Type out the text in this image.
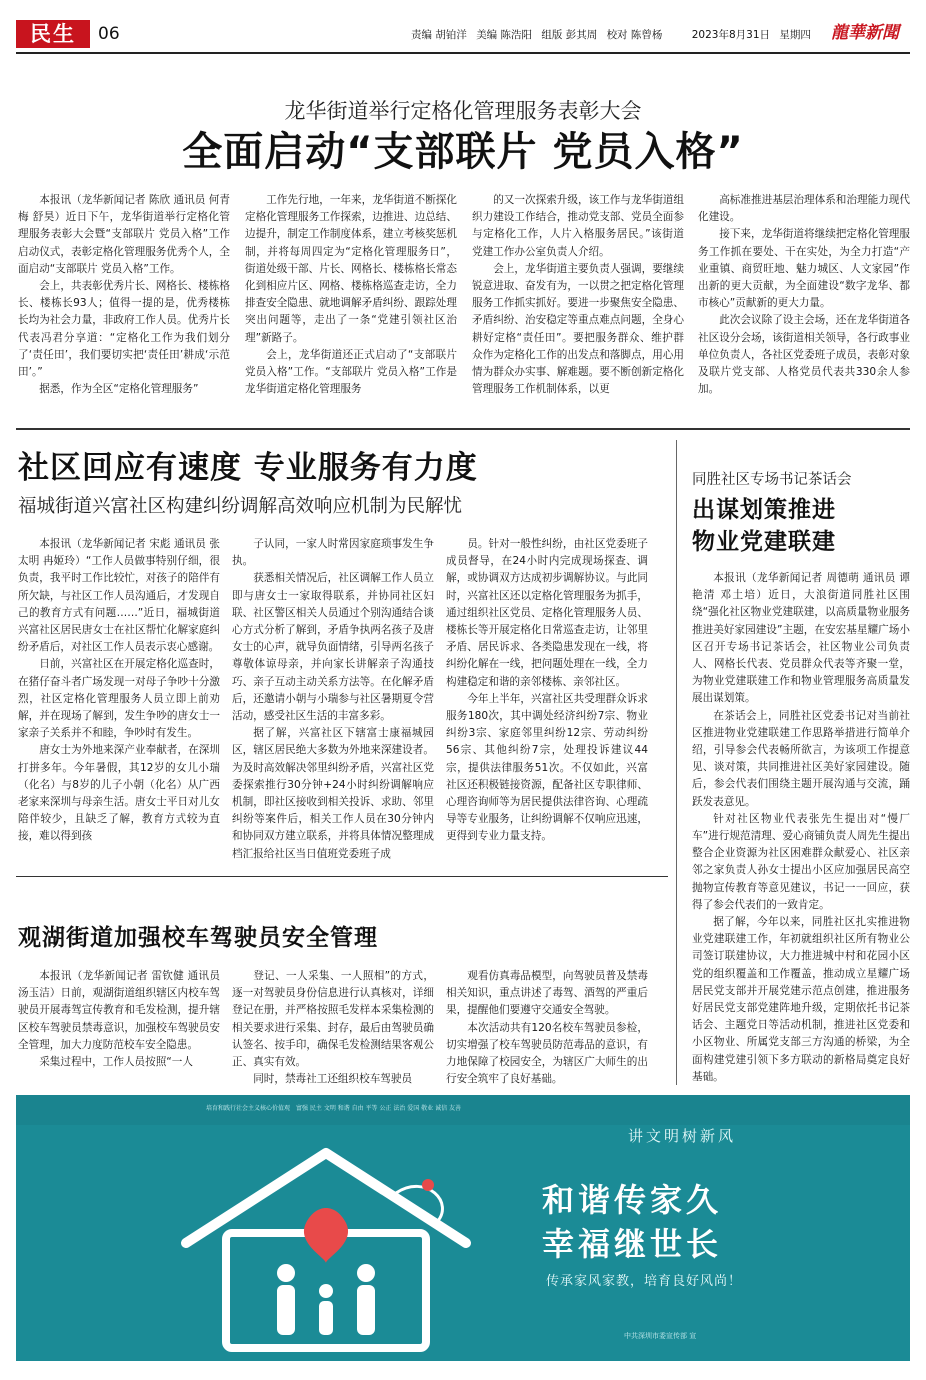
民生	06	责编 胡铂洋 美编 陈浩阳 组版 彭其周 校对 陈曾杨	2023年8月31日 星期四	龍華新聞
龙华街道举行定格化管理服务表彰大会
全面启动“支部联片 党员入格”

本报讯（龙华新闻记者 陈欣 通讯员 何青梅 舒昊）近日下午，龙华街道举行定格化管理服务表彰大会暨“支部联片 党员入格”工作启动仪式，表彰定格化管理服务优秀个人，全面启动“支部联片 党员入格”工作。

会上，共表彰优秀片长、网格长、楼栋格长、楼栋长93人；值得一提的是，优秀楼栋长均为社会力量，非政府工作人员。优秀片长代表冯君分享道：“定格化工作为我们划分了‘责任田’，我们要切实把‘责任田’耕成‘示范田’。”

据悉，作为全区“定格化管理服务”

工作先行地，一年来，龙华街道不断探化定格化管理服务工作探索，边推进、边总结、边提升，制定工作制度体系，建立考核奖惩机制，并将每周四定为“定格化管理服务日”，街道处级干部、片长、网格长、楼栋格长常态化到相应片区、网格、楼栋格巡查走访，全力排查安全隐患、就地调解矛盾纠纷、跟踪处理突出问题等，走出了一条“党建引领社区治理”新路子。

会上，龙华街道还正式启动了“支部联片 党员入格”工作。“支部联片 党员入格”工作是龙华街道定格化管理服务

的又一次探索升级，该工作与龙华街道组织力建设工作结合，推动党支部、党员全面参与定格化工作，人片入格服务居民。”该街道党建工作办公室负责人介绍。

会上，龙华街道主要负责人强调，要继续锐意进取、奋发有为，一以贯之把定格化管理服务工作抓实抓好。要进一步聚焦安全隐患、矛盾纠纷、治安稳定等重点难点问题，全身心耕好定格“责任田”。要把服务群众、维护群众作为定格化工作的出发点和落脚点，用心用情为群众办实事、解难题。要不断创新定格化管理服务工作机制体系，以更

高标准推进基层治理体系和治理能力现代化建设。

接下来，龙华街道将继续把定格化管理服务工作抓在要处、干在实处，为全力打造“产业重镇、商贸旺地、魅力城区、人文家园”作出新的更大贡献，为全面建设“数字龙华、都市核心”贡献新的更大力量。

此次会议除了设主会场，还在龙华街道各社区设分会场，该街道相关领导，各行政事业单位负责人，各社区党委班子成员，表彰对象及联片党支部、人格党员代表共330余人参加。

社区回应有速度 专业服务有力度
福城街道兴富社区构建纠纷调解高效响应机制为民解忧

本报讯（龙华新闻记者 宋彪 通讯员 张太明 冉姬玲）“工作人员做事特别仔细，很负责，我平时工作比较忙，对孩子的陪伴有所欠缺，与社区工作人员沟通后，才发现自己的教育方式有问题……”近日，福城街道兴富社区居民唐女士在社区帮忙化解家庭纠纷矛盾后，对社区工作人员表示衷心感谢。

日前，兴富社区在开展定格化巡查时，在猪仔奋斗者广场发现一对母子争吵十分激烈，社区定格化管理服务人员立即上前劝解，并在现场了解到，发生争吵的唐女士一家亲子关系并不和睦，争吵时有发生。

唐女士为外地来深产业奉献者，在深圳打拼多年。今年暑假，其12岁的女儿小瑞（化名）与8岁的儿子小朝（化名）从广西老家来深圳与母亲生活。唐女士平日对儿女陪伴较少，且缺乏了解，教育方式较为直接，难以得到孩

子认同，一家人时常因家庭琐事发生争执。

获悉相关情况后，社区调解工作人员立即与唐女士一家取得联系，并协同社区妇联、社区警区相关人员通过个别沟通结合谈心方式分析了解到，矛盾争执两名孩子及唐女士的心声，就导负面情绪，引导两名孩子尊敬体谅母亲，并向家长讲解亲子沟通技巧、亲子互动主动关系方法等。在化解矛盾后，还邀请小朝与小瑞参与社区暑期夏令营活动，感受社区生活的丰富多彩。

据了解，兴富社区下辖富士康福城园区，辖区居民绝大多数为外地来深建设者。为及时高效解决邻里纠纷矛盾，兴富社区党委探索推行30分钟+24小时纠纷调解响应机制，即社区接收到相关投诉、求助、邻里纠纷等案件后，相关工作人员在30分钟内和协同双方建立联系，并将具体情况整理成档汇报给社区当日值班党委班子成

员。针对一般性纠纷，由社区党委班子成员督导，在24小时内完成现场探查、调解，或协调双方达成初步调解协议。与此同时，兴富社区还以定格化管理服务为抓手，通过组织社区党员、定格化管理服务人员、楼栋长等开展定格化日常巡查走访，让邻里矛盾、居民诉求、各类隐患发现在一线，将纠纷化解在一线，把问题处理在一线，全力构建稳定和谐的亲邻楼栋、亲邻社区。

今年上半年，兴富社区共受理群众诉求服务180次，其中调处经济纠纷7宗、物业纠纷3宗、家庭邻里纠纷12宗、劳动纠纷56宗、其他纠纷7宗，处理投诉建议44宗，提供法律服务51次。不仅如此，兴富社区还积极链接资源，配备社区专职律师、心理咨询师等为居民提供法律咨询、心理疏导等专业服务，让纠纷调解不仅响应迅速，更得到专业力量支持。

同胜社区专场书记茶话会
出谋划策推进
物业党建联建

本报讯（龙华新闻记者 周德萌 通讯员 谭艳清 邓土培）近日，大浪街道同胜社区围绕“强化社区物业党建联建，以高质量物业服务推进美好家园建设”主题，在安宏基星耀广场小区召开专场书记茶话会，社区物业公司负责人、网格长代表、党员群众代表等齐聚一堂，为物业党建联建工作和物业管理服务高质量发展出谋划策。

在茶话会上，同胜社区党委书记对当前社区推进物业党建联建工作思路举措进行简单介绍，引导参会代表畅所欲言，为该项工作提意见、谈对策，共同推进社区美好家园建设。随后，参会代表们围绕主题开展沟通与交流，踊跃发表意见。

针对社区物业代表张先生提出对“慢厂车”进行规范清理、爱心商铺负责人周先生提出整合企业资源为社区困难群众献爱心、社区亲邻之家负责人孙女士提出小区应加强居民高空抛物宣传教育等意见建议，书记一一回应，获得了参会代表们的一致肯定。

据了解，今年以来，同胜社区扎实推进物业党建联建工作，年初就组织社区所有物业公司签订联建协议，大力推进城中村和花园小区党的组织覆盖和工作覆盖，推动成立星耀广场居民党支部并开展党建示范点创建，推进服务好居民党支部党建阵地升级，定期依托书记茶话会、主题党日等活动机制，推进社区党委和小区物业、所属党支部三方沟通的桥梁，为全面构建党建引领下多方联动的新格局奠定良好基础。

观湖街道加强校车驾驶员安全管理

本报讯（龙华新闻记者 雷钦健 通讯员 汤玉洁）日前，观湖街道组织辖区内校车驾驶员开展毒驾宣传教育和毛发检测，提升辖区校车驾驶员禁毒意识，加强校车驾驶员安全管理，加大力度防范校车安全隐患。

采集过程中，工作人员按照“一人

登记、一人采集、一人照相”的方式，逐一对驾驶员身份信息进行认真核对，详细登记在册，并严格按照毛发样本采集检测的相关要求进行采集、封存，最后由驾驶员确认签名、按手印，确保毛发检测结果客观公正、真实有效。

同时，禁毒社工还组织校车驾驶员

观看仿真毒品模型，向驾驶员普及禁毒相关知识，重点讲述了毒驾、酒驾的严重后果，提醒他们要遵守交通安全驾驶。

本次活动共有120名校车驾驶员参检，切实增强了校车驾驶员防范毒品的意识，有力地保障了校园安全，为辖区广大师生的出行安全筑牢了良好基础。

培育和践行社会主义核心价值观　富强 民主 文明 和谐 自由 平等 公正 法治 爱国 敬业 诚信 友善
讲文明树新风
和谐传家久
幸福继世长
传承家风家教，培育良好风尚！
中共深圳市委宣传部 宣
